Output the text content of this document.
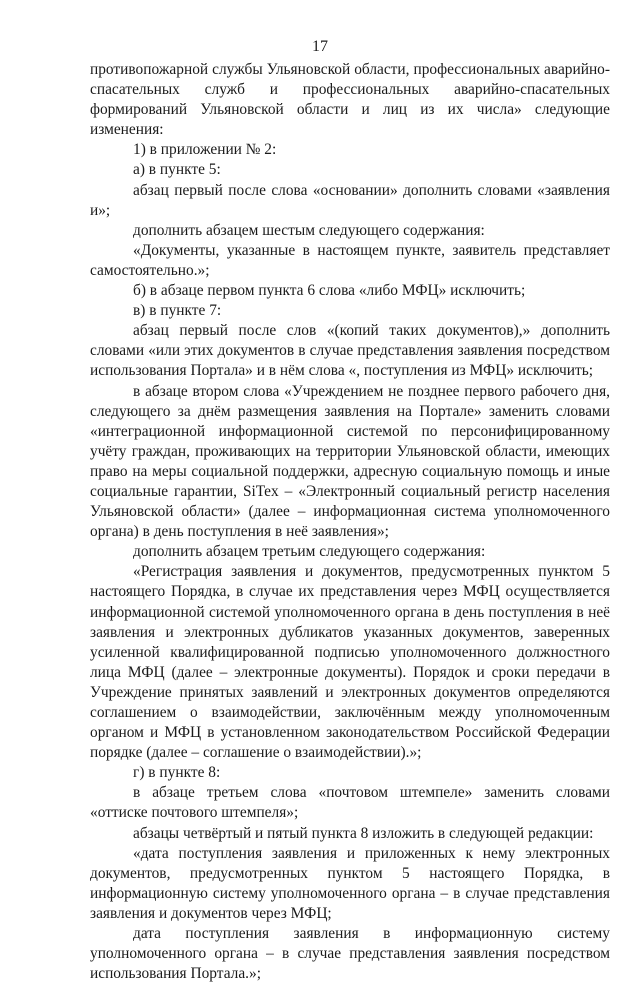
17

противопожарной службы Ульяновской области, профессиональных аварийно-спасательных служб и профессиональных аварийно-спасательных формирований Ульяновской области и лиц из их числа» следующие изменения:

1) в приложении № 2:

а) в пункте 5:

абзац первый после слова «основании» дополнить словами «заявления и»;

дополнить абзацем шестым следующего содержания:

«Документы, указанные в настоящем пункте, заявитель представляет самостоятельно.»;

б) в абзаце первом пункта 6 слова «либо МФЦ» исключить;

в) в пункте 7:

абзац первый после слов «(копий таких документов),» дополнить словами «или этих документов в случае представления заявления посредством использования Портала» и в нём слова «, поступления из МФЦ» исключить;

в абзаце втором слова «Учреждением не позднее первого рабочего дня, следующего за днём размещения заявления на Портале» заменить словами «интеграционной информационной системой по персонифицированному учёту граждан, проживающих на территории Ульяновской области, имеющих право на меры социальной поддержки, адресную социальную помощь и иные социальные гарантии, SiTex – «Электронный социальный регистр населения Ульяновской области» (далее – информационная система уполномоченного органа) в день поступления в неё заявления»;

дополнить абзацем третьим следующего содержания:

«Регистрация заявления и документов, предусмотренных пунктом 5 настоящего Порядка, в случае их представления через МФЦ осуществляется информационной системой уполномоченного органа в день поступления в неё заявления и электронных дубликатов указанных документов, заверенных усиленной квалифицированной подписью уполномоченного должностного лица МФЦ (далее – электронные документы). Порядок и сроки передачи в Учреждение принятых заявлений и электронных документов определяются соглашением о взаимодействии, заключённым между уполномоченным органом и МФЦ в установленном законодательством Российской Федерации порядке (далее – соглашение о взаимодействии).»;

г) в пункте 8:

в абзаце третьем слова «почтовом штемпеле» заменить словами «оттиске почтового штемпеля»;

абзацы четвёртый и пятый пункта 8 изложить в следующей редакции:

«дата поступления заявления и приложенных к нему электронных документов, предусмотренных пунктом 5 настоящего Порядка, в информационную систему уполномоченного органа – в случае представления заявления и документов через МФЦ;

дата поступления заявления в информационную систему уполномоченного органа – в случае представления заявления посредством использования Портала.»;
